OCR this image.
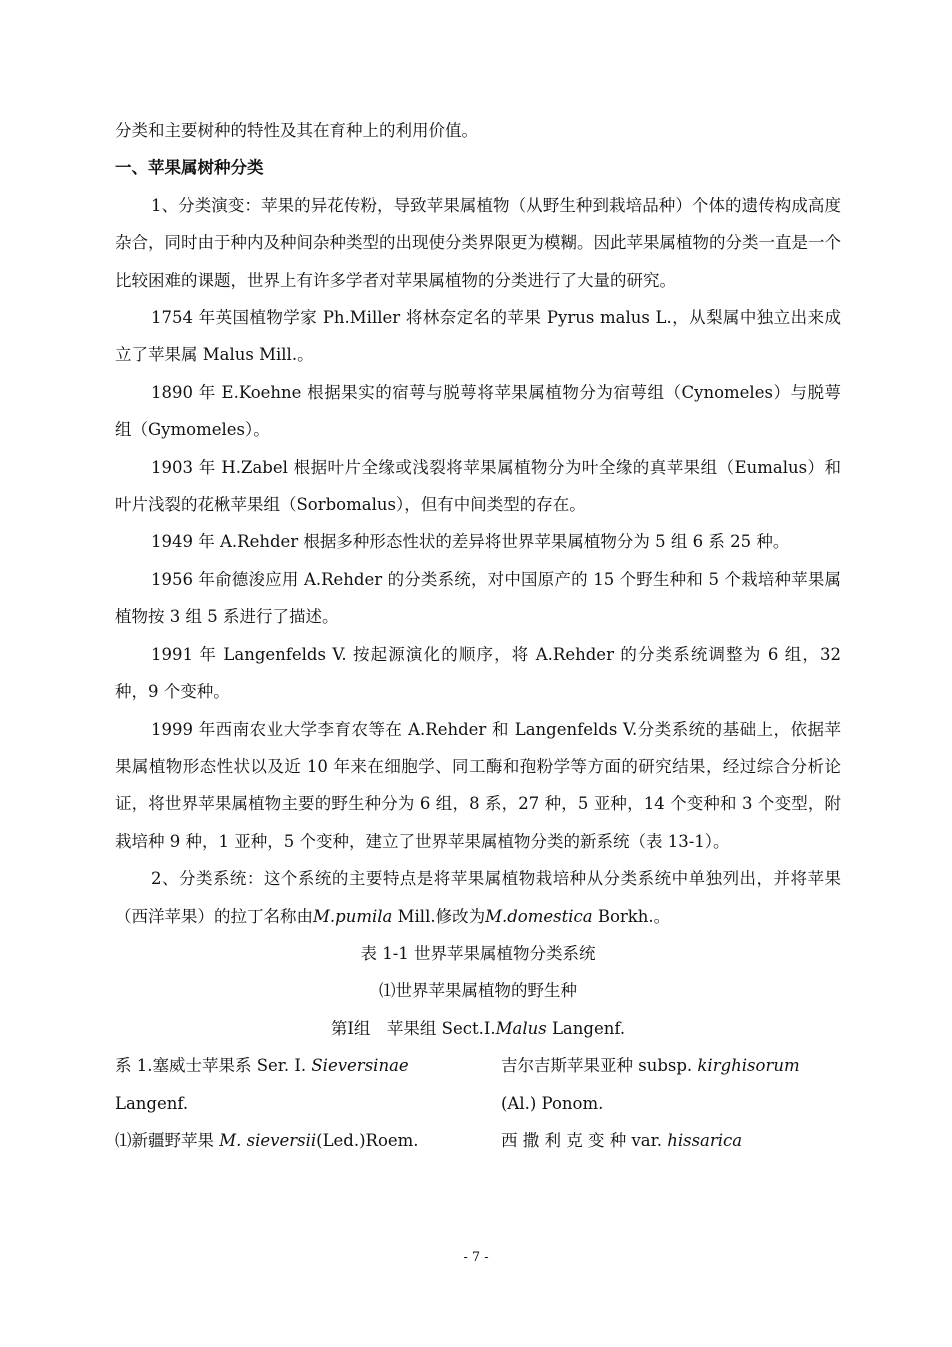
分类和主要树种的特性及其在育种上的利用价值。

一、苹果属树种分类

1、分类演变：苹果的异花传粉，导致苹果属植物（从野生种到栽培品种）个体的遗传构成高度杂合，同时由于种内及种间杂种类型的出现使分类界限更为模糊。因此苹果属植物的分类一直是一个比较困难的课题，世界上有许多学者对苹果属植物的分类进行了大量的研究。

1754 年英国植物学家 Ph.Miller 将林奈定名的苹果 Pyrus malus L.，从梨属中独立出来成立了苹果属 Malus Mill.。

1890 年 E.Koehne 根据果实的宿萼与脱萼将苹果属植物分为宿萼组（Cynomeles）与脱萼组（Gymomeles）。

1903 年 H.Zabel 根据叶片全缘或浅裂将苹果属植物分为叶全缘的真苹果组（Eumalus）和叶片浅裂的花楸苹果组（Sorbomalus），但有中间类型的存在。

1949 年 A.Rehder 根据多种形态性状的差异将世界苹果属植物分为 5 组 6 系 25 种。

1956 年俞德浚应用 A.Rehder 的分类系统，对中国原产的 15 个野生种和 5 个栽培种苹果属植物按 3 组 5 系进行了描述。

1991 年 Langenfelds V. 按起源演化的顺序，将 A.Rehder 的分类系统调整为 6 组，32 种，9 个变种。

1999 年西南农业大学李育农等在 A.Rehder 和 Langenfelds V.分类系统的基础上，依据苹果属植物形态性状以及近 10 年来在细胞学、同工酶和孢粉学等方面的研究结果，经过综合分析论证，将世界苹果属植物主要的野生种分为 6 组，8 系，27 种，5 亚种，14 个变种和 3 个变型，附栽培种 9 种，1 亚种，5 个变种，建立了世界苹果属植物分类的新系统（表 13-1）。

2、分类系统：这个系统的主要特点是将苹果属植物栽培种从分类系统中单独列出，并将苹果（西洋苹果）的拉丁名称由M.pumila Mill.修改为M.domestica Borkh.。

表 1-1 世界苹果属植物分类系统

⑴世界苹果属植物的野生种

第Ⅰ组　苹果组 Sect.Ⅰ.Malus Langenf.

系 1.塞威士苹果系 Ser. I. Sieversinae
Langenf.
⑴新疆野苹果 M. sieversii(Led.)Roem.
吉尔吉斯苹果亚种 subsp. kirghisorum
(Al.) Ponom.
西 撒 利 克 变 种 var. hissarica
- 7 -
